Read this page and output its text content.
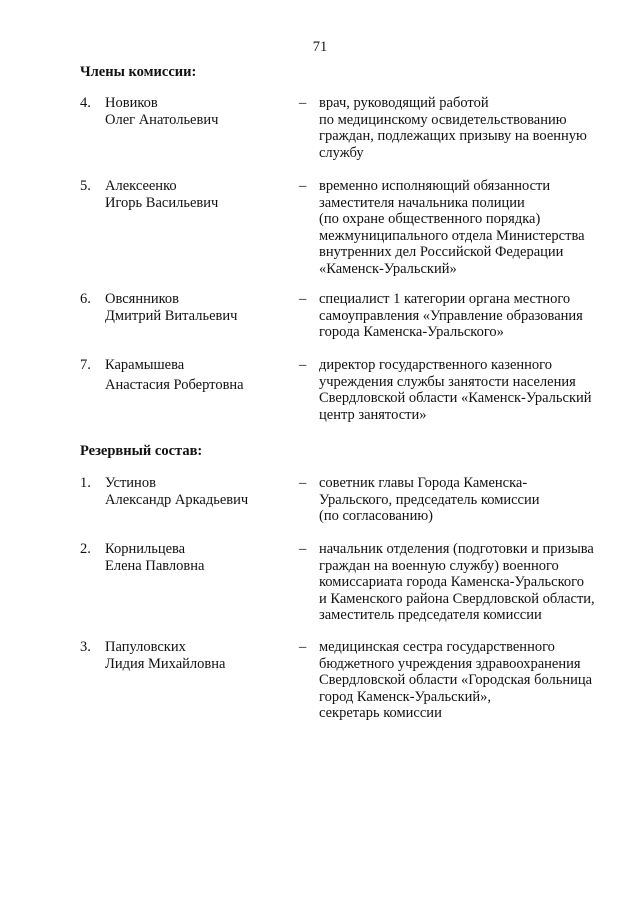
71
Члены комиссии:
4. Новиков
Олег Анатольевич
– врач, руководящий работой
по медицинскому освидетельствованию
граждан, подлежащих призыву на военную
службу
5. Алексеенко
Игорь Васильевич
– временно исполняющий обязанности
заместителя начальника полиции
(по охране общественного порядка)
межмуниципального отдела Министерства
внутренних дел Российской Федерации
«Каменск-Уральский»
6. Овсянников
Дмитрий Витальевич
– специалист 1 категории органа местного
самоуправления «Управление образования
города Каменска-Уральского»
7. Карамышева
Анастасия Робертовна
– директор государственного казенного
учреждения службы занятости населения
Свердловской области «Каменск-Уральский
центр занятости»
Резервный состав:
1. Устинов
Александр Аркадьевич
– советник главы Города Каменска-
Уральского, председатель комиссии
(по согласованию)
2. Корнильцева
Елена Павловна
– начальник отделения (подготовки и призыва
граждан на военную службу) военного
комиссариата города Каменска-Уральского
и Каменского района Свердловской области,
заместитель председателя комиссии
3. Папуловских
Лидия Михайловна
– медицинская сестра государственного
бюджетного учреждения здравоохранения
Свердловской области «Городская больница
город Каменск-Уральский»,
секретарь комиссии
